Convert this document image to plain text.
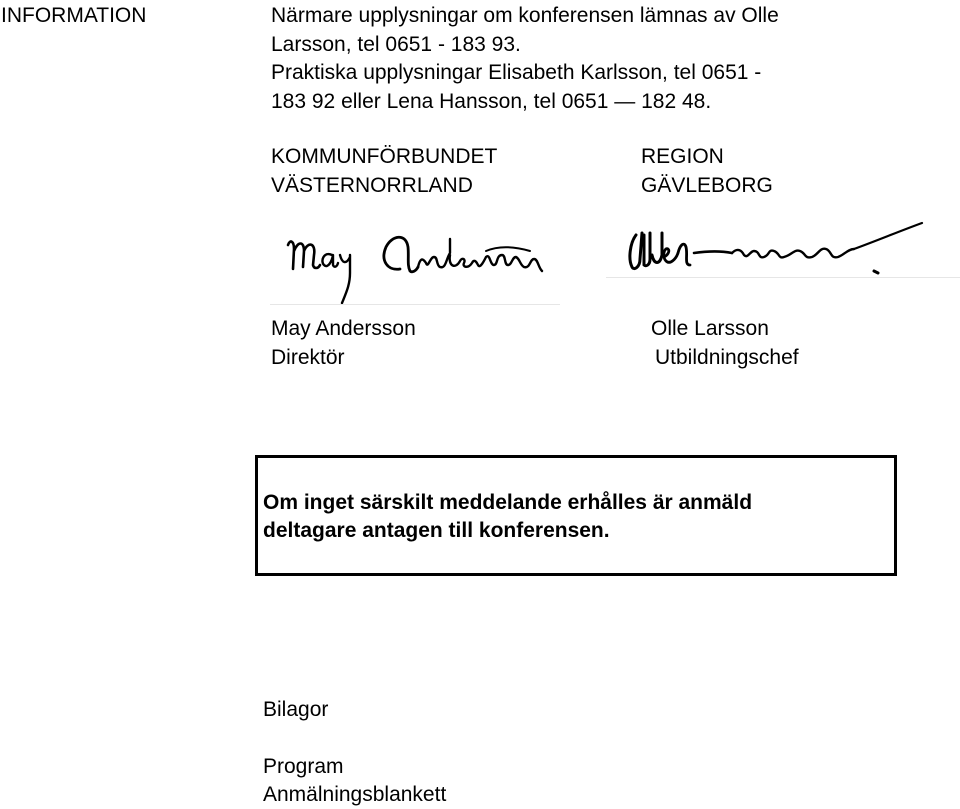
INFORMATION	Närmare upplysningar om konferensen lämnas av Olle
Larsson, tel 0651 - 183 93.
Praktiska upplysningar Elisabeth Karlsson, tel 0651 -
183 92 eller Lena Hansson, tel 0651 — 182 48.
KOMMUNFÖRBUNDET
VÄSTERNORRLAND
REGION
GÄVLEBORG
May Andersson
Direktör
Olle Larsson
Utbildningschef
Om inget särskilt meddelande erhålles är anmäld
deltagare antagen till konferensen.
Bilagor
Program
Anmälningsblankett
